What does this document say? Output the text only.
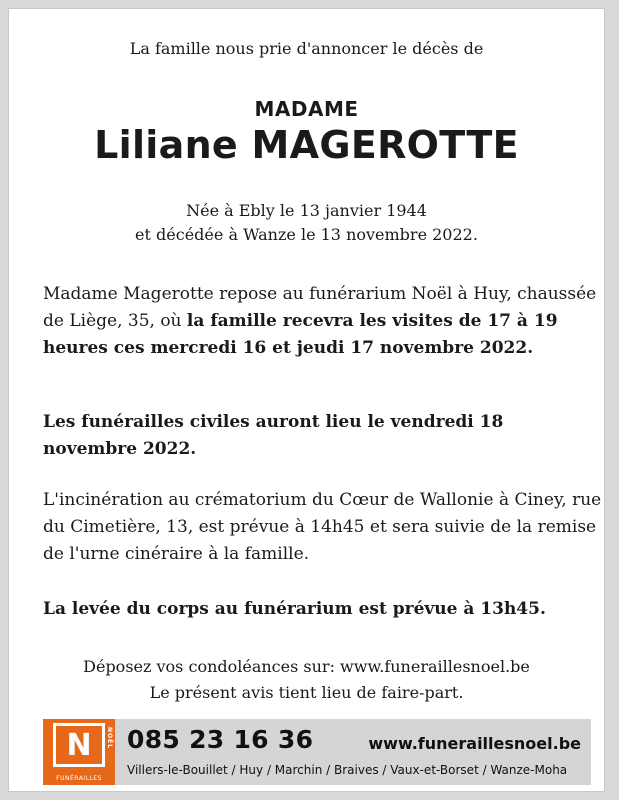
La famille nous prie d'annoncer le décès de
MADAME
Liliane MAGEROTTE
Née à Ebly le 13 janvier 1944
et décédée à Wanze le 13 novembre 2022.
Madame Magerotte repose au funérarium Noël à Huy, chaussée de Liège, 35, où la famille recevra les visites de 17 à 19 heures ces mercredi 16 et jeudi 17 novembre 2022.
Les funérailles civiles auront lieu le vendredi 18 novembre 2022.
L'incinération au crématorium du Cœur de Wallonie à Ciney, rue du Cimetière, 13, est prévue à 14h45 et sera suivie de la remise de l'urne cinéraire à la famille.
La levée du corps au funérarium est prévue à 13h45.
Déposez vos condoléances sur: www.funeraillesnoel.be
Le présent avis tient lieu de faire-part.
N	NOËL
FUNÉRAILLES
085 23 16 36	www.funeraillesnoel.be
Villers-le-Bouillet / Huy / Marchin / Braives / Vaux-et-Borset / Wanze-Moha
